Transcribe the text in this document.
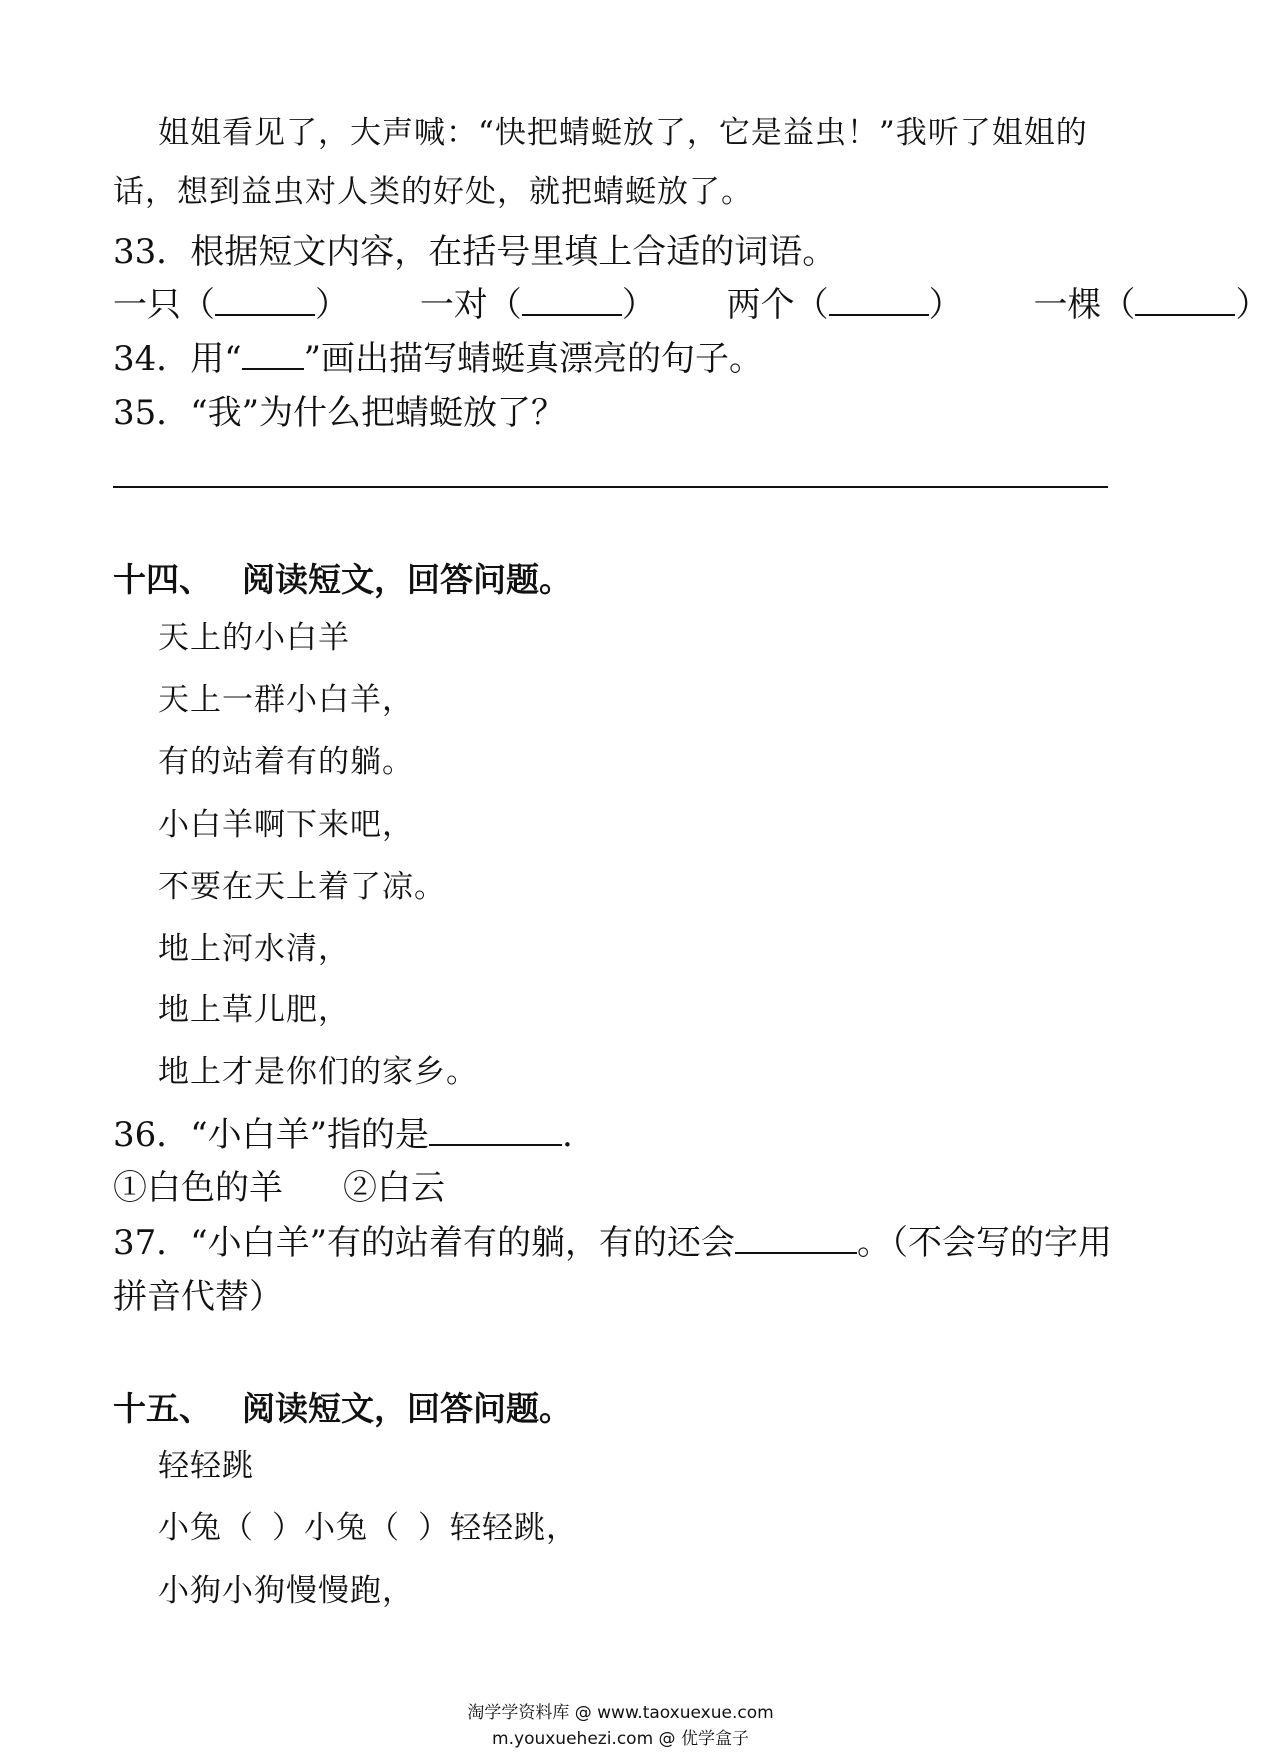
姐姐看见了，大声喊：“快把蜻蜓放了，它是益虫！”我听了姐姐的
话，想到益虫对人类的好处，就把蜻蜓放了。
33．根据短文内容，在括号里填上合适的词语。
一只（	） 一对（	） 两个（	） 一棵（	）
34．用“ ”画出描写蜻蜓真漂亮的句子。
35．“我”为什么把蜻蜓放了？
十四、 阅读短文，回答问题。
天上的小白羊
天上一群小白羊，
有的站着有的躺。
小白羊啊下来吧，
不要在天上着了凉。
地上河水清，
地上草儿肥，
地上才是你们的家乡。
36．“小白羊”指的是	.
①白色的羊 ②白云
37．“小白羊”有的站着有的躺，有的还会	。（不会写的字用
拼音代替）
十五、 阅读短文，回答问题。
轻轻跳
小兔（ ）小兔（ ）轻轻跳，
小狗小狗慢慢跑，
淘学学资料库 @ www.taoxuexue.com
m.youxuehezi.com @ 优学盒子
